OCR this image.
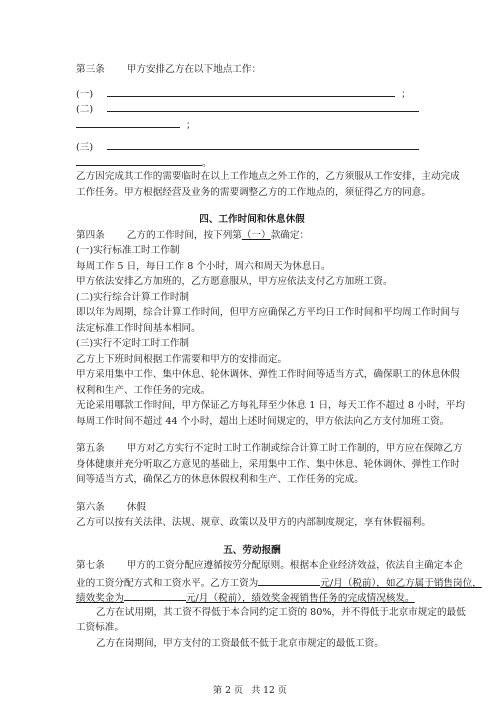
第三条 甲方安排乙方在以下地点工作：
(一)	；
(二)
；
(三)
。
乙方因完成其工作的需要临时在以上工作地点之外工作的，乙方须服从工作安排，主动完成
工作任务。甲方根据经营及业务的需要调整乙方的工作地点的，须征得乙方的同意。
四、工作时间和休息休假
第四条 乙方的工作时间，按下列第（一）款确定：
(一)实行标准工时工作制
每周工作 5 日，每日工作 8 个小时，周六和周天为休息日。
甲方依法安排乙方加班的，乙方愿意服从，甲方应依法支付乙方加班工资。
(二)实行综合计算工作时制
即以年为周期，综合计算工作时间，但甲方应确保乙方平均日工作时间和平均周工作时间与
法定标准工作时间基本相同。
(三)实行不定时工时工作制
乙方上下班时间根据工作需要和甲方的安排而定。
甲方采用集中工作、集中休息、轮休调休、弹性工作时间等适当方式，确保职工的休息休假
权利和生产、工作任务的完成。
无论采用哪款工作时间，甲方保证乙方每礼拜至少休息 1 日，每天工作不超过 8 小时，平均
每周工作时间不超过 44 个小时，超出上述时间规定的，甲方依法向乙方支付加班工资。
第五条 甲方对乙方实行不定时工时工作制或综合计算工时工作制的，甲方应在保障乙方
身体健康并充分听取乙方意见的基础上，采用集中工作、集中休息、轮休调休、弹性工作时
间等适当方式，确保乙方的休息休假权利和生产、工作任务的完成。
第六条 休假
乙方可以按有关法律、法规、规章、政策以及甲方的内部制度规定，享有休假福利。
五、劳动报酬
第七条 甲方的工资分配应遵循按劳分配原则。根据本企业经济效益，依法自主确定本企
业的工资分配方式和工资水平。乙方工资为	元/月（税前），如乙方属于销售岗位，
绩效奖金为	元/月（税前），绩效奖金视销售任务的完成情况核发。
乙方在试用期，其工资不得低于本合同约定工资的 80%，并不得低于北京市规定的最低
工资标准。
乙方在岗期间，甲方支付的工资最低不低于北京市规定的最低工资。
第 2 页 共 12 页
